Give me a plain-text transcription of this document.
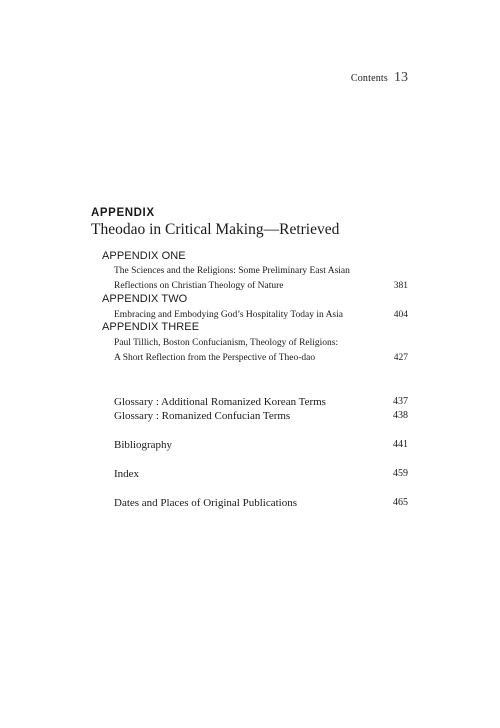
Contents 13
APPENDIX
Theodao in Critical Making—Retrieved
APPENDIX ONE
The Sciences and the Religions: Some Preliminary East Asian
Reflections on Christian Theology of Nature	381
APPENDIX TWO
Embracing and Embodying God’s Hospitality Today in Asia	404
APPENDIX THREE
Paul Tillich, Boston Confucianism, Theology of Religions:
A Short Reflection from the Perspective of Theo-dao	427
Glossary : Additional Romanized Korean Terms	437
Glossary : Romanized Confucian Terms	438
Bibliography	441
Index	459
Dates and Places of Original Publications	465
